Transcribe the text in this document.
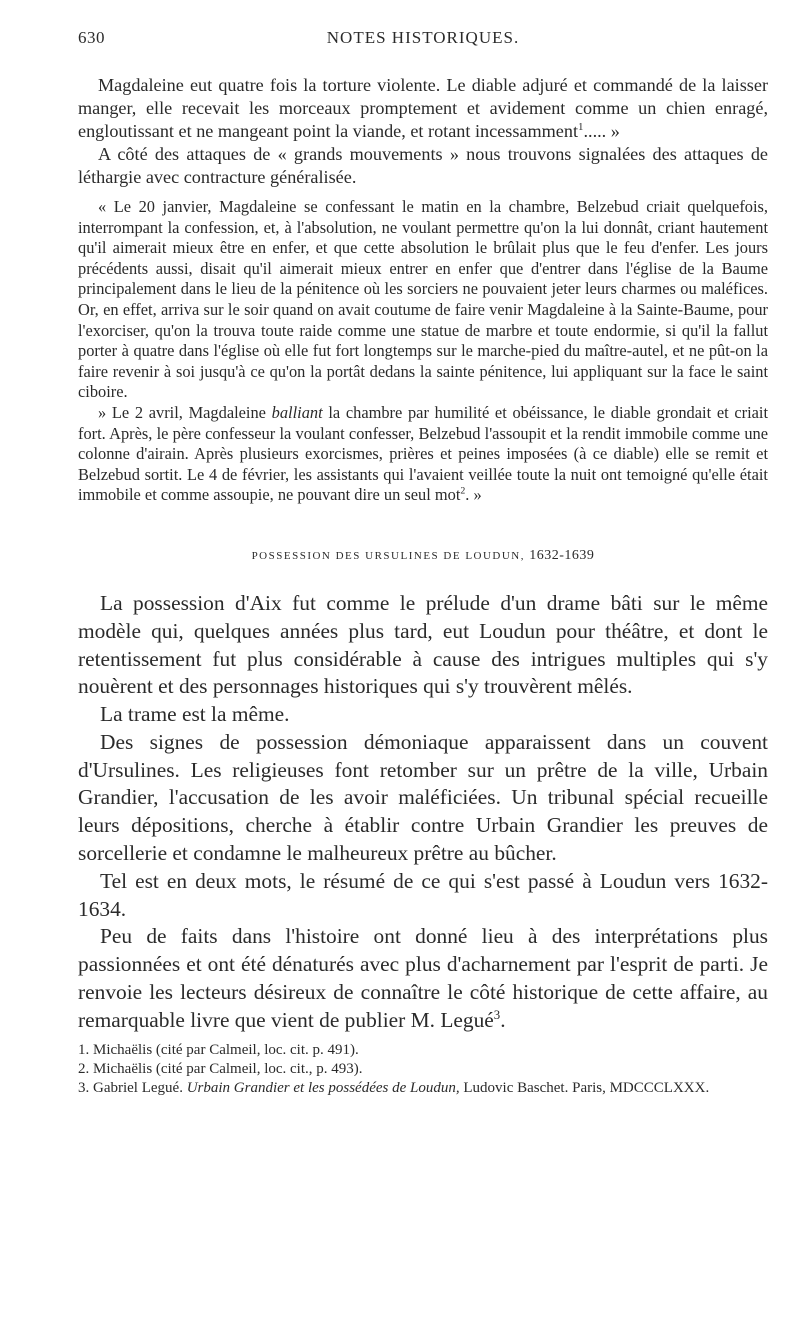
630	NOTES HISTORIQUES.

Magdaleine eut quatre fois la torture violente. Le diable adjuré et commandé de la laisser manger, elle recevait les morceaux promptement et avidement comme un chien enragé, engloutissant et ne mangeant point la viande, et rotant incessamment$^1$..... »

A côté des attaques de « grands mouvements » nous trouvons signalées des attaques de léthargie avec contracture généralisée.

« Le 20 janvier, Magdaleine se confessant le matin en la chambre, Belzebud criait quelquefois, interrompant la confession, et, à l'absolution, ne voulant permettre qu'on la lui donnât, criant hautement qu'il aimerait mieux être en enfer, et que cette absolution le brûlait plus que le feu d'enfer. Les jours précédents aussi, disait qu'il aimerait mieux entrer en enfer que d'entrer dans l'église de la Baume principalement dans le lieu de la pénitence où les sorciers ne pouvaient jeter leurs charmes ou maléfices. Or, en effet, arriva sur le soir quand on avait coutume de faire venir Magdaleine à la Sainte-Baume, pour l'exorciser, qu'on la trouva toute raide comme une statue de marbre et toute endormie, si qu'il la fallut porter à quatre dans l'église où elle fut fort longtemps sur le marche-pied du maître-autel, et ne pût-on la faire revenir à soi jusqu'à ce qu'on la portât dedans la sainte pénitence, lui appliquant sur la face le saint ciboire.

» Le 2 avril, Magdaleine balliant la chambre par humilité et obéissance, le diable grondait et criait fort. Après, le père confesseur la voulant confesser, Belzebud l'assoupit et la rendit immobile comme une colonne d'airain. Après plusieurs exorcismes, prières et peines imposées (à ce diable) elle se remit et Belzebud sortit. Le 4 de février, les assistants qui l'avaient veillée toute la nuit ont temoigné qu'elle était immobile et comme assoupie, ne pouvant dire un seul mot$^2$. »

POSSESSION DES URSULINES DE LOUDUN, 1632-1639

La possession d'Aix fut comme le prélude d'un drame bâti sur le même modèle qui, quelques années plus tard, eut Loudun pour théâtre, et dont le retentissement fut plus considérable à cause des intrigues multiples qui s'y nouèrent et des personnages historiques qui s'y trouvèrent mêlés.

La trame est la même.

Des signes de possession démoniaque apparaissent dans un couvent d'Ursulines. Les religieuses font retomber sur un prêtre de la ville, Urbain Grandier, l'accusation de les avoir maléficiées. Un tribunal spécial recueille leurs dépositions, cherche à établir contre Urbain Grandier les preuves de sorcellerie et condamne le malheureux prêtre au bûcher.

Tel est en deux mots, le résumé de ce qui s'est passé à Loudun vers 1632-1634.

Peu de faits dans l'histoire ont donné lieu à des interprétations plus passionnées et ont été dénaturés avec plus d'acharnement par l'esprit de parti. Je renvoie les lecteurs désireux de connaître le côté historique de cette affaire, au remarquable livre que vient de publier M. Legué$^3$.

1. Michaëlis (cité par Calmeil, loc. cit. p. 491).

2. Michaëlis (cité par Calmeil, loc. cit., p. 493).

3. Gabriel Legué. Urbain Grandier et les possédées de Loudun, Ludovic Baschet. Paris, MDCCCLXXX.
